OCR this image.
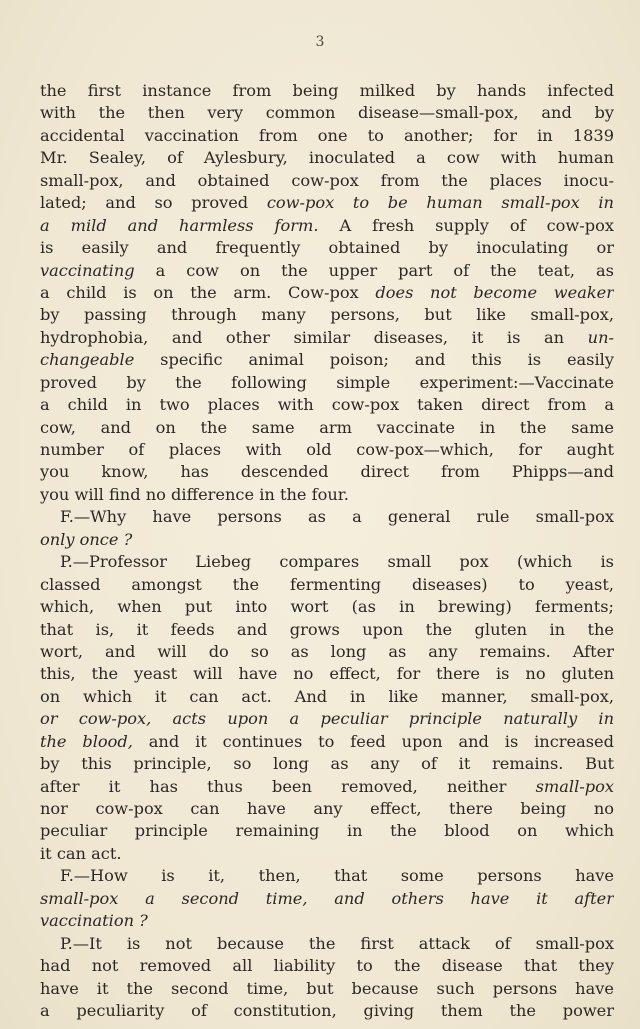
3
the first instance from being milked by hands infected
with the then very common disease—small-pox, and by
accidental vaccination from one to another; for in 1839
Mr. Sealey, of Aylesbury, inoculated a cow with human
small-pox, and obtained cow-pox from the places inocu-
lated; and so proved cow-pox to be human small-pox in
a mild and harmless form. A fresh supply of cow-pox
is easily and frequently obtained by inoculating or
vaccinating a cow on the upper part of the teat, as
a child is on the arm. Cow-pox does not become weaker
by passing through many persons, but like small-pox,
hydrophobia, and other similar diseases, it is an un-
changeable specific animal poison; and this is easily
proved by the following simple experiment:—Vaccinate
a child in two places with cow-pox taken direct from a
cow, and on the same arm vaccinate in the same
number of places with old cow-pox—which, for aught
you know, has descended direct from Phipps—and
you will find no difference in the four.
F.—Why have persons as a general rule small-pox
only once ?
P.—Professor Liebeg compares small pox (which is
classed amongst the fermenting diseases) to yeast,
which, when put into wort (as in brewing) ferments;
that is, it feeds and grows upon the gluten in the
wort, and will do so as long as any remains. After
this, the yeast will have no effect, for there is no gluten
on which it can act. And in like manner, small-pox,
or cow-pox, acts upon a peculiar principle naturally in
the blood, and it continues to feed upon and is increased
by this principle, so long as any of it remains. But
after it has thus been removed, neither small-pox
nor cow-pox can have any effect, there being no
peculiar principle remaining in the blood on which
it can act.
F.—How is it, then, that some persons have
small-pox a second time, and others have it after
vaccination ?
P.—It is not because the first attack of small-pox
had not removed all liability to the disease that they
have it the second time, but because such persons have
a peculiarity of constitution, giving them the power
